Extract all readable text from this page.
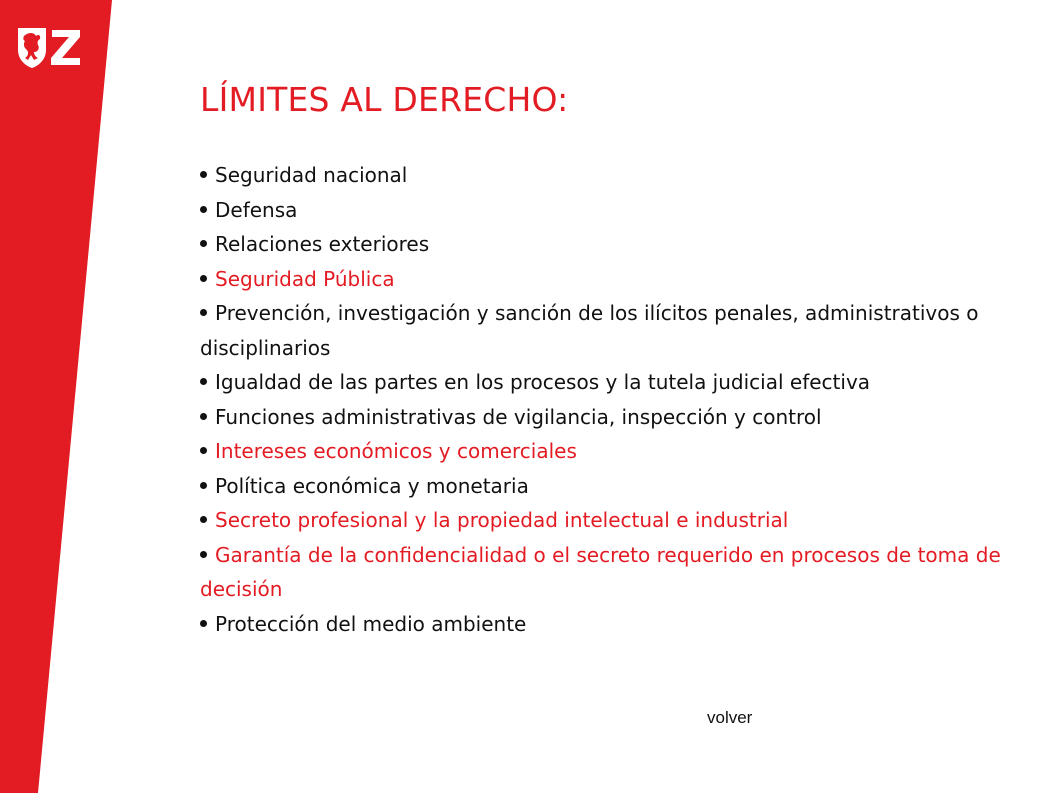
LÍMITES AL DERECHO:
Seguridad nacional
Defensa
Relaciones exteriores
Seguridad Pública
Prevención, investigación y sanción de los ilícitos penales, administrativos o disciplinarios
Igualdad de las partes en los procesos y la tutela judicial efectiva
Funciones administrativas de vigilancia, inspección y control
Intereses económicos y comerciales
Política económica y monetaria
Secreto profesional y la propiedad intelectual e industrial
Garantía de la confidencialidad o el secreto requerido en procesos de toma de decisión
Protección del medio ambiente
volver
